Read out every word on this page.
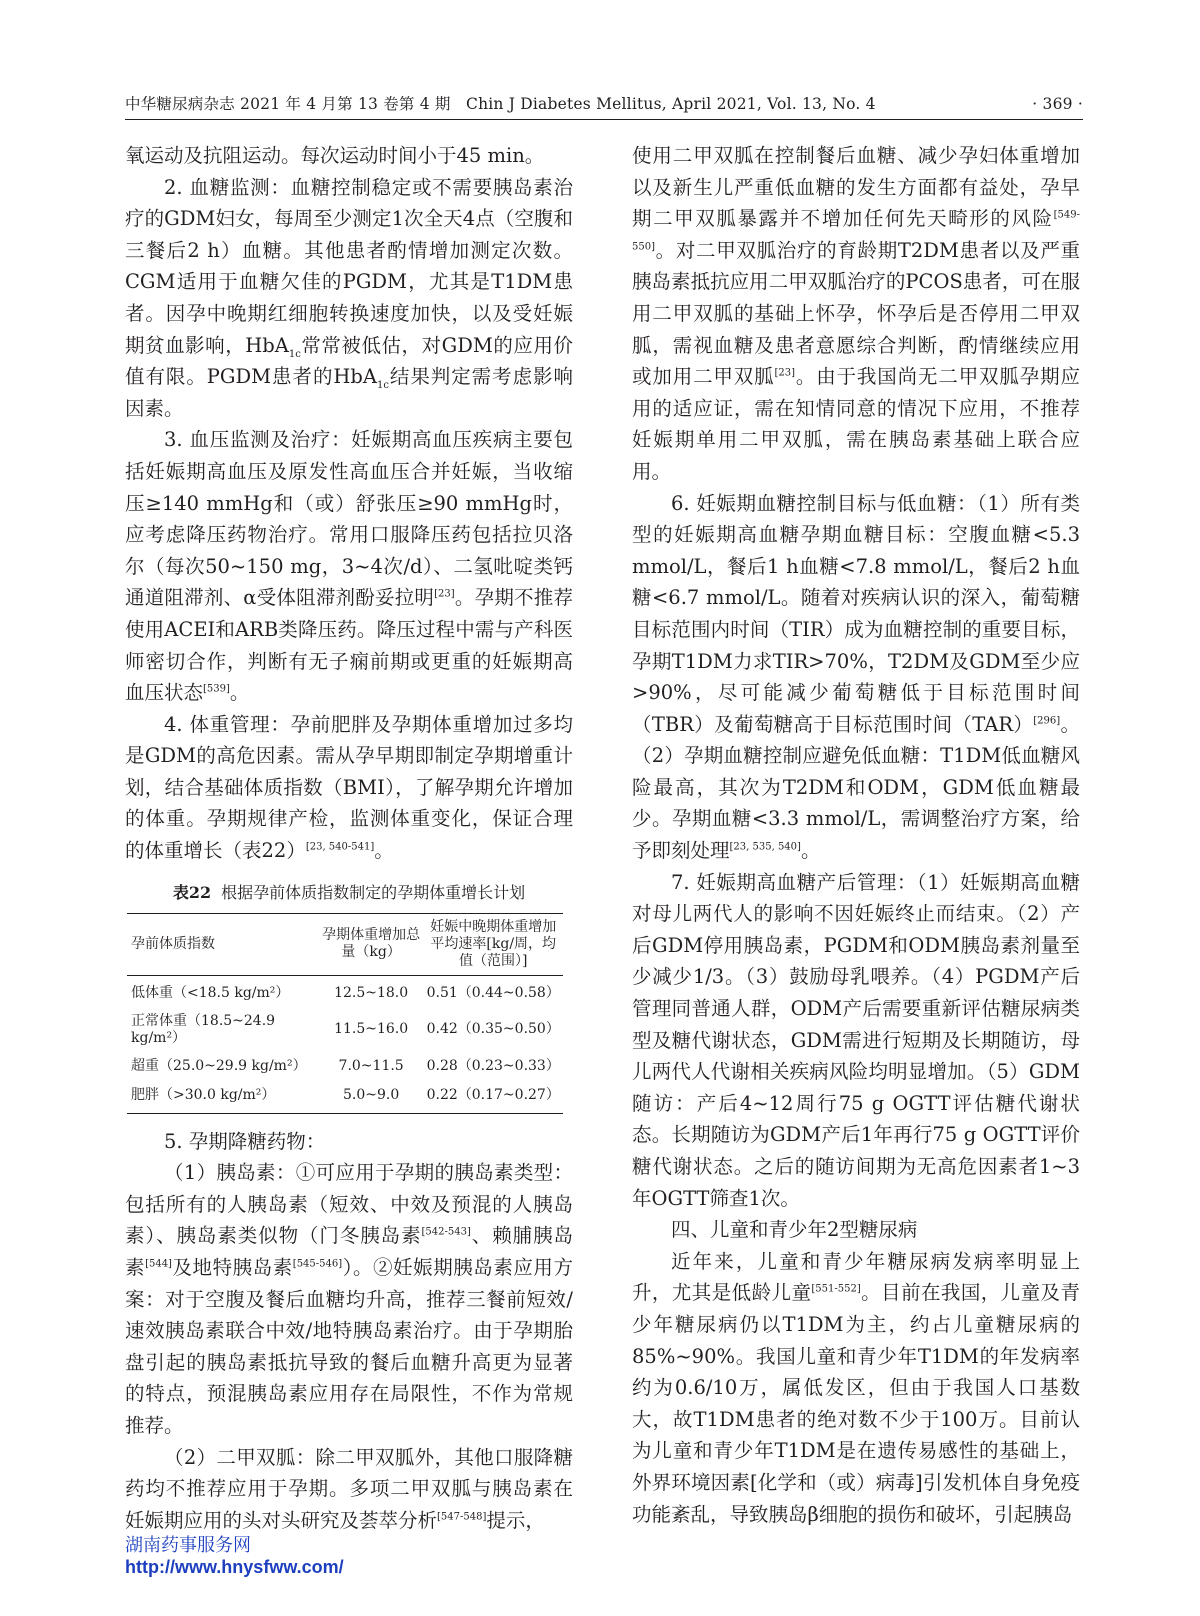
中华糖尿病杂志 2021 年 4 月第 13 卷第 4 期 Chin J Diabetes Mellitus, April 2021, Vol. 13, No. 4	· 369 ·

氧运动及抗阻运动。每次运动时间小于45 min。

2. 血糖监测：血糖控制稳定或不需要胰岛素治疗的GDM妇女，每周至少测定1次全天4点（空腹和三餐后2 h）血糖。其他患者酌情增加测定次数。CGM适用于血糖欠佳的PGDM，尤其是T1DM患者。因孕中晚期红细胞转换速度加快，以及受妊娠期贫血影响，HbA$_{1c}$常常被低估，对GDM的应用价值有限。PGDM患者的HbA$_{1c}$结果判定需考虑影响因素。

3. 血压监测及治疗：妊娠期高血压疾病主要包括妊娠期高血压及原发性高血压合并妊娠，当收缩压≥140 mmHg和（或）舒张压≥90 mmHg时，应考虑降压药物治疗。常用口服降压药包括拉贝洛尔（每次50~150 mg，3~4次/d）、二氢吡啶类钙通道阻滞剂、α受体阻滞剂酚妥拉明[23]。孕期不推荐使用ACEI和ARB类降压药。降压过程中需与产科医师密切合作，判断有无子痫前期或更重的妊娠期高血压状态[539]。

4. 体重管理：孕前肥胖及孕期体重增加过多均是GDM的高危因素。需从孕早期即制定孕期增重计划，结合基础体质指数（BMI），了解孕期允许增加的体重。孕期规律产检，监测体重变化，保证合理的体重增长（表22）[23, 540-541]。

表22 根据孕前体质指数制定的孕期体重增长计划
孕前体质指数	孕期体重增加总量（kg）	妊娠中晚期体重增加平均速率[kg/周，均值（范围）]
低体重（<18.5 kg/m²）	12.5~18.0	0.51（0.44~0.58）
正常体重（18.5~24.9 kg/m²）	11.5~16.0	0.42（0.35~0.50）
超重（25.0~29.9 kg/m²）	7.0~11.5	0.28（0.23~0.33）
肥胖（>30.0 kg/m²）	5.0~9.0	0.22（0.17~0.27）

5. 孕期降糖药物：

（1）胰岛素：①可应用于孕期的胰岛素类型：包括所有的人胰岛素（短效、中效及预混的人胰岛素）、胰岛素类似物（门冬胰岛素[542-543]、赖脯胰岛素[544]及地特胰岛素[545-546]）。②妊娠期胰岛素应用方案：对于空腹及餐后血糖均升高，推荐三餐前短效/速效胰岛素联合中效/地特胰岛素治疗。由于孕期胎盘引起的胰岛素抵抗导致的餐后血糖升高更为显著的特点，预混胰岛素应用存在局限性，不作为常规推荐。

（2）二甲双胍：除二甲双胍外，其他口服降糖药均不推荐应用于孕期。多项二甲双胍与胰岛素在妊娠期应用的头对头研究及荟萃分析[547-548]提示，

使用二甲双胍在控制餐后血糖、减少孕妇体重增加以及新生儿严重低血糖的发生方面都有益处，孕早期二甲双胍暴露并不增加任何先天畸形的风险[549-550]。对二甲双胍治疗的育龄期T2DM患者以及严重胰岛素抵抗应用二甲双胍治疗的PCOS患者，可在服用二甲双胍的基础上怀孕，怀孕后是否停用二甲双胍，需视血糖及患者意愿综合判断，酌情继续应用或加用二甲双胍[23]。由于我国尚无二甲双胍孕期应用的适应证，需在知情同意的情况下应用，不推荐妊娠期单用二甲双胍，需在胰岛素基础上联合应用。

6. 妊娠期血糖控制目标与低血糖：（1）所有类型的妊娠期高血糖孕期血糖目标：空腹血糖<5.3 mmol/L，餐后1 h血糖<7.8 mmol/L，餐后2 h血糖<6.7 mmol/L。随着对疾病认识的深入，葡萄糖目标范围内时间（TIR）成为血糖控制的重要目标，孕期T1DM力求TIR>70%，T2DM及GDM至少应>90%，尽可能减少葡萄糖低于目标范围时间（TBR）及葡萄糖高于目标范围时间（TAR）[296]。（2）孕期血糖控制应避免低血糖：T1DM低血糖风险最高，其次为T2DM和ODM，GDM低血糖最少。孕期血糖<3.3 mmol/L，需调整治疗方案，给予即刻处理[23, 535, 540]。

7. 妊娠期高血糖产后管理：（1）妊娠期高血糖对母儿两代人的影响不因妊娠终止而结束。（2）产后GDM停用胰岛素，PGDM和ODM胰岛素剂量至少减少1/3。（3）鼓励母乳喂养。（4）PGDM产后管理同普通人群，ODM产后需要重新评估糖尿病类型及糖代谢状态，GDM需进行短期及长期随访，母儿两代人代谢相关疾病风险均明显增加。（5）GDM随访：产后4~12周行75 g OGTT评估糖代谢状态。长期随访为GDM产后1年再行75 g OGTT评价糖代谢状态。之后的随访间期为无高危因素者1~3年OGTT筛查1次。

四、儿童和青少年2型糖尿病

近年来，儿童和青少年糖尿病发病率明显上升，尤其是低龄儿童[551-552]。目前在我国，儿童及青少年糖尿病仍以T1DM为主，约占儿童糖尿病的85%~90%。我国儿童和青少年T1DM的年发病率约为0.6/10万，属低发区，但由于我国人口基数大，故T1DM患者的绝对数不少于100万。目前认为儿童和青少年T1DM是在遗传易感性的基础上，外界环境因素[化学和（或）病毒]引发机体自身免疫功能紊乱，导致胰岛β细胞的损伤和破坏，引起胰岛

湖南药事服务网
http://www.hnysfww.com/
